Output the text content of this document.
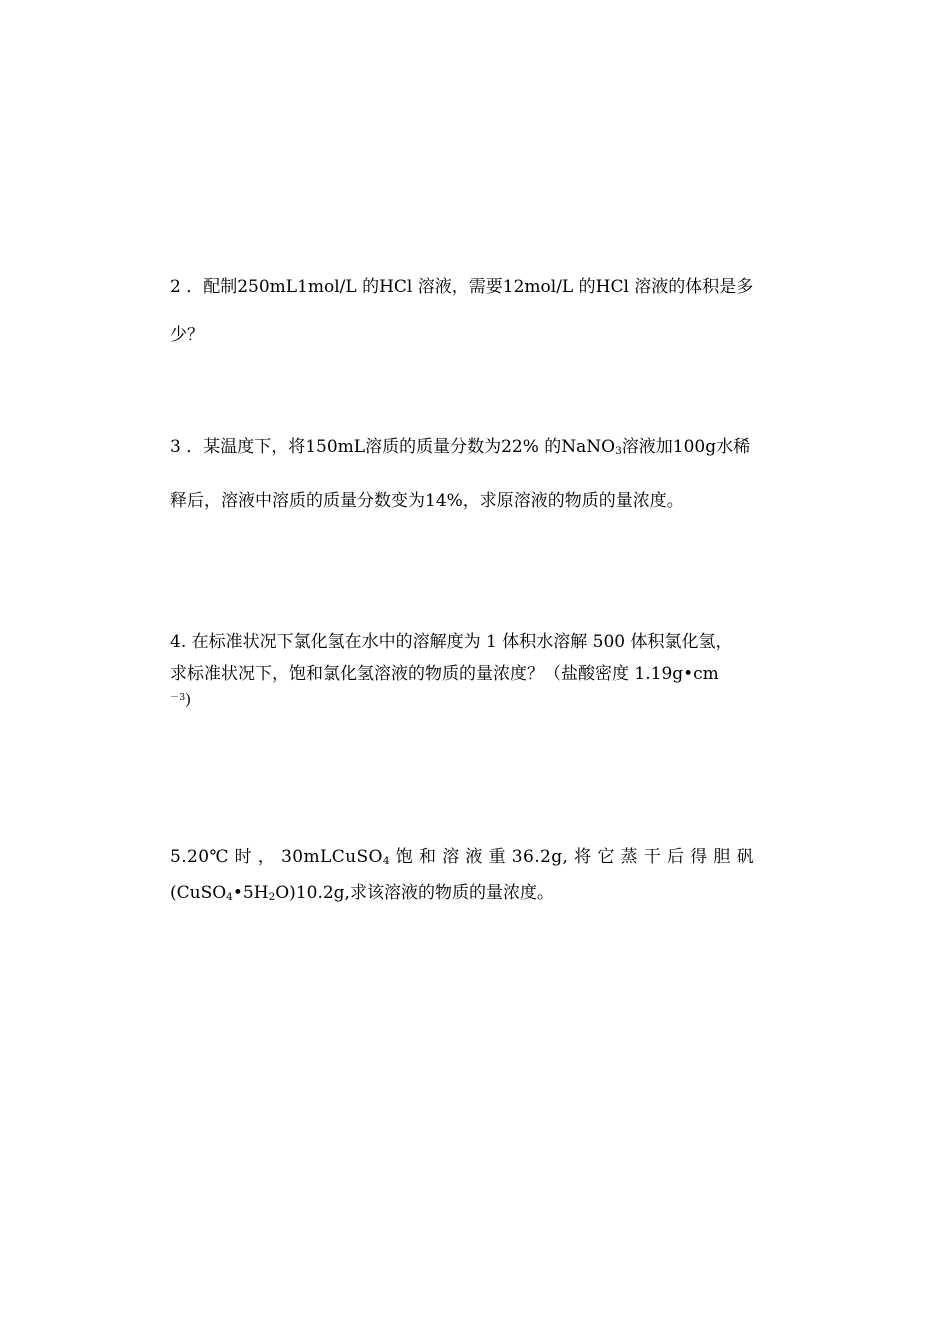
2 ．配制250mL1mol/L 的HCl 溶液，需要12mol/L 的HCl 溶液的体积是多

少？

3 ．某温度下，将150mL溶质的质量分数为22% 的NaNO$_3$溶液加100g水稀

释后，溶液中溶质的质量分数变为14%，求原溶液的物质的量浓度。

4. 在标准状况下氯化氢在水中的溶解度为 1 体积水溶解 500 体积氯化氢，

求标准状况下，饱和氯化氢溶液的物质的量浓度？（盐酸密度 1.19g•cm

$^{-3}$)

5.20℃ 时 ， 30mLCuSO$_4$ 饱 和 溶 液 重 36.2g, 将 它 蒸 干 后 得 胆 矾

$(CuSO_4•5H_2O)10.2g$,求该溶液的物质的量浓度。
